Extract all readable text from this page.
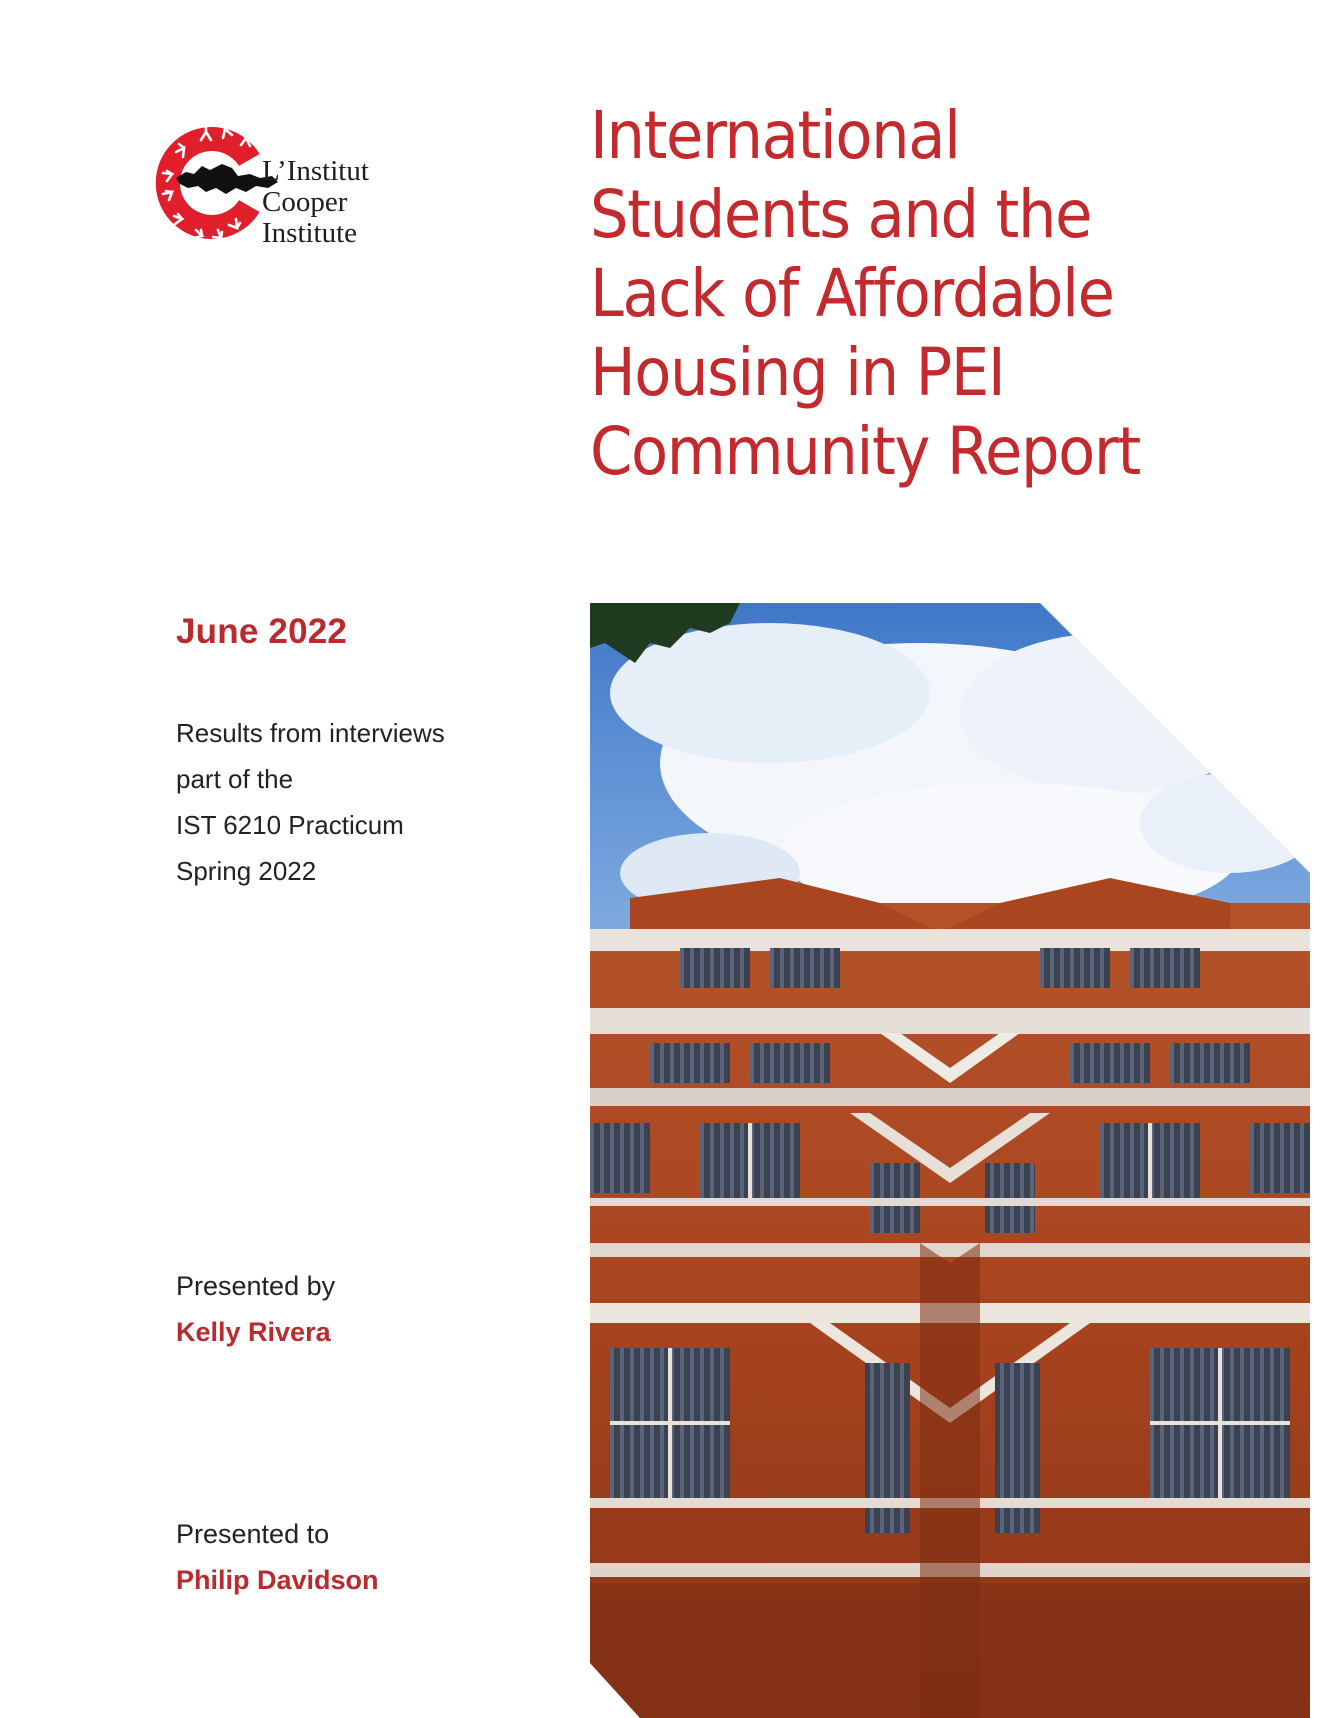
L’Institut
Cooper
Institute
International
Students and the
Lack of Affordable
Housing in PEI
Community Report
June 2022
Results from interviews
part of the
IST 6210 Practicum
Spring 2022
Presented by
Kelly Rivera
Presented to
Philip Davidson
